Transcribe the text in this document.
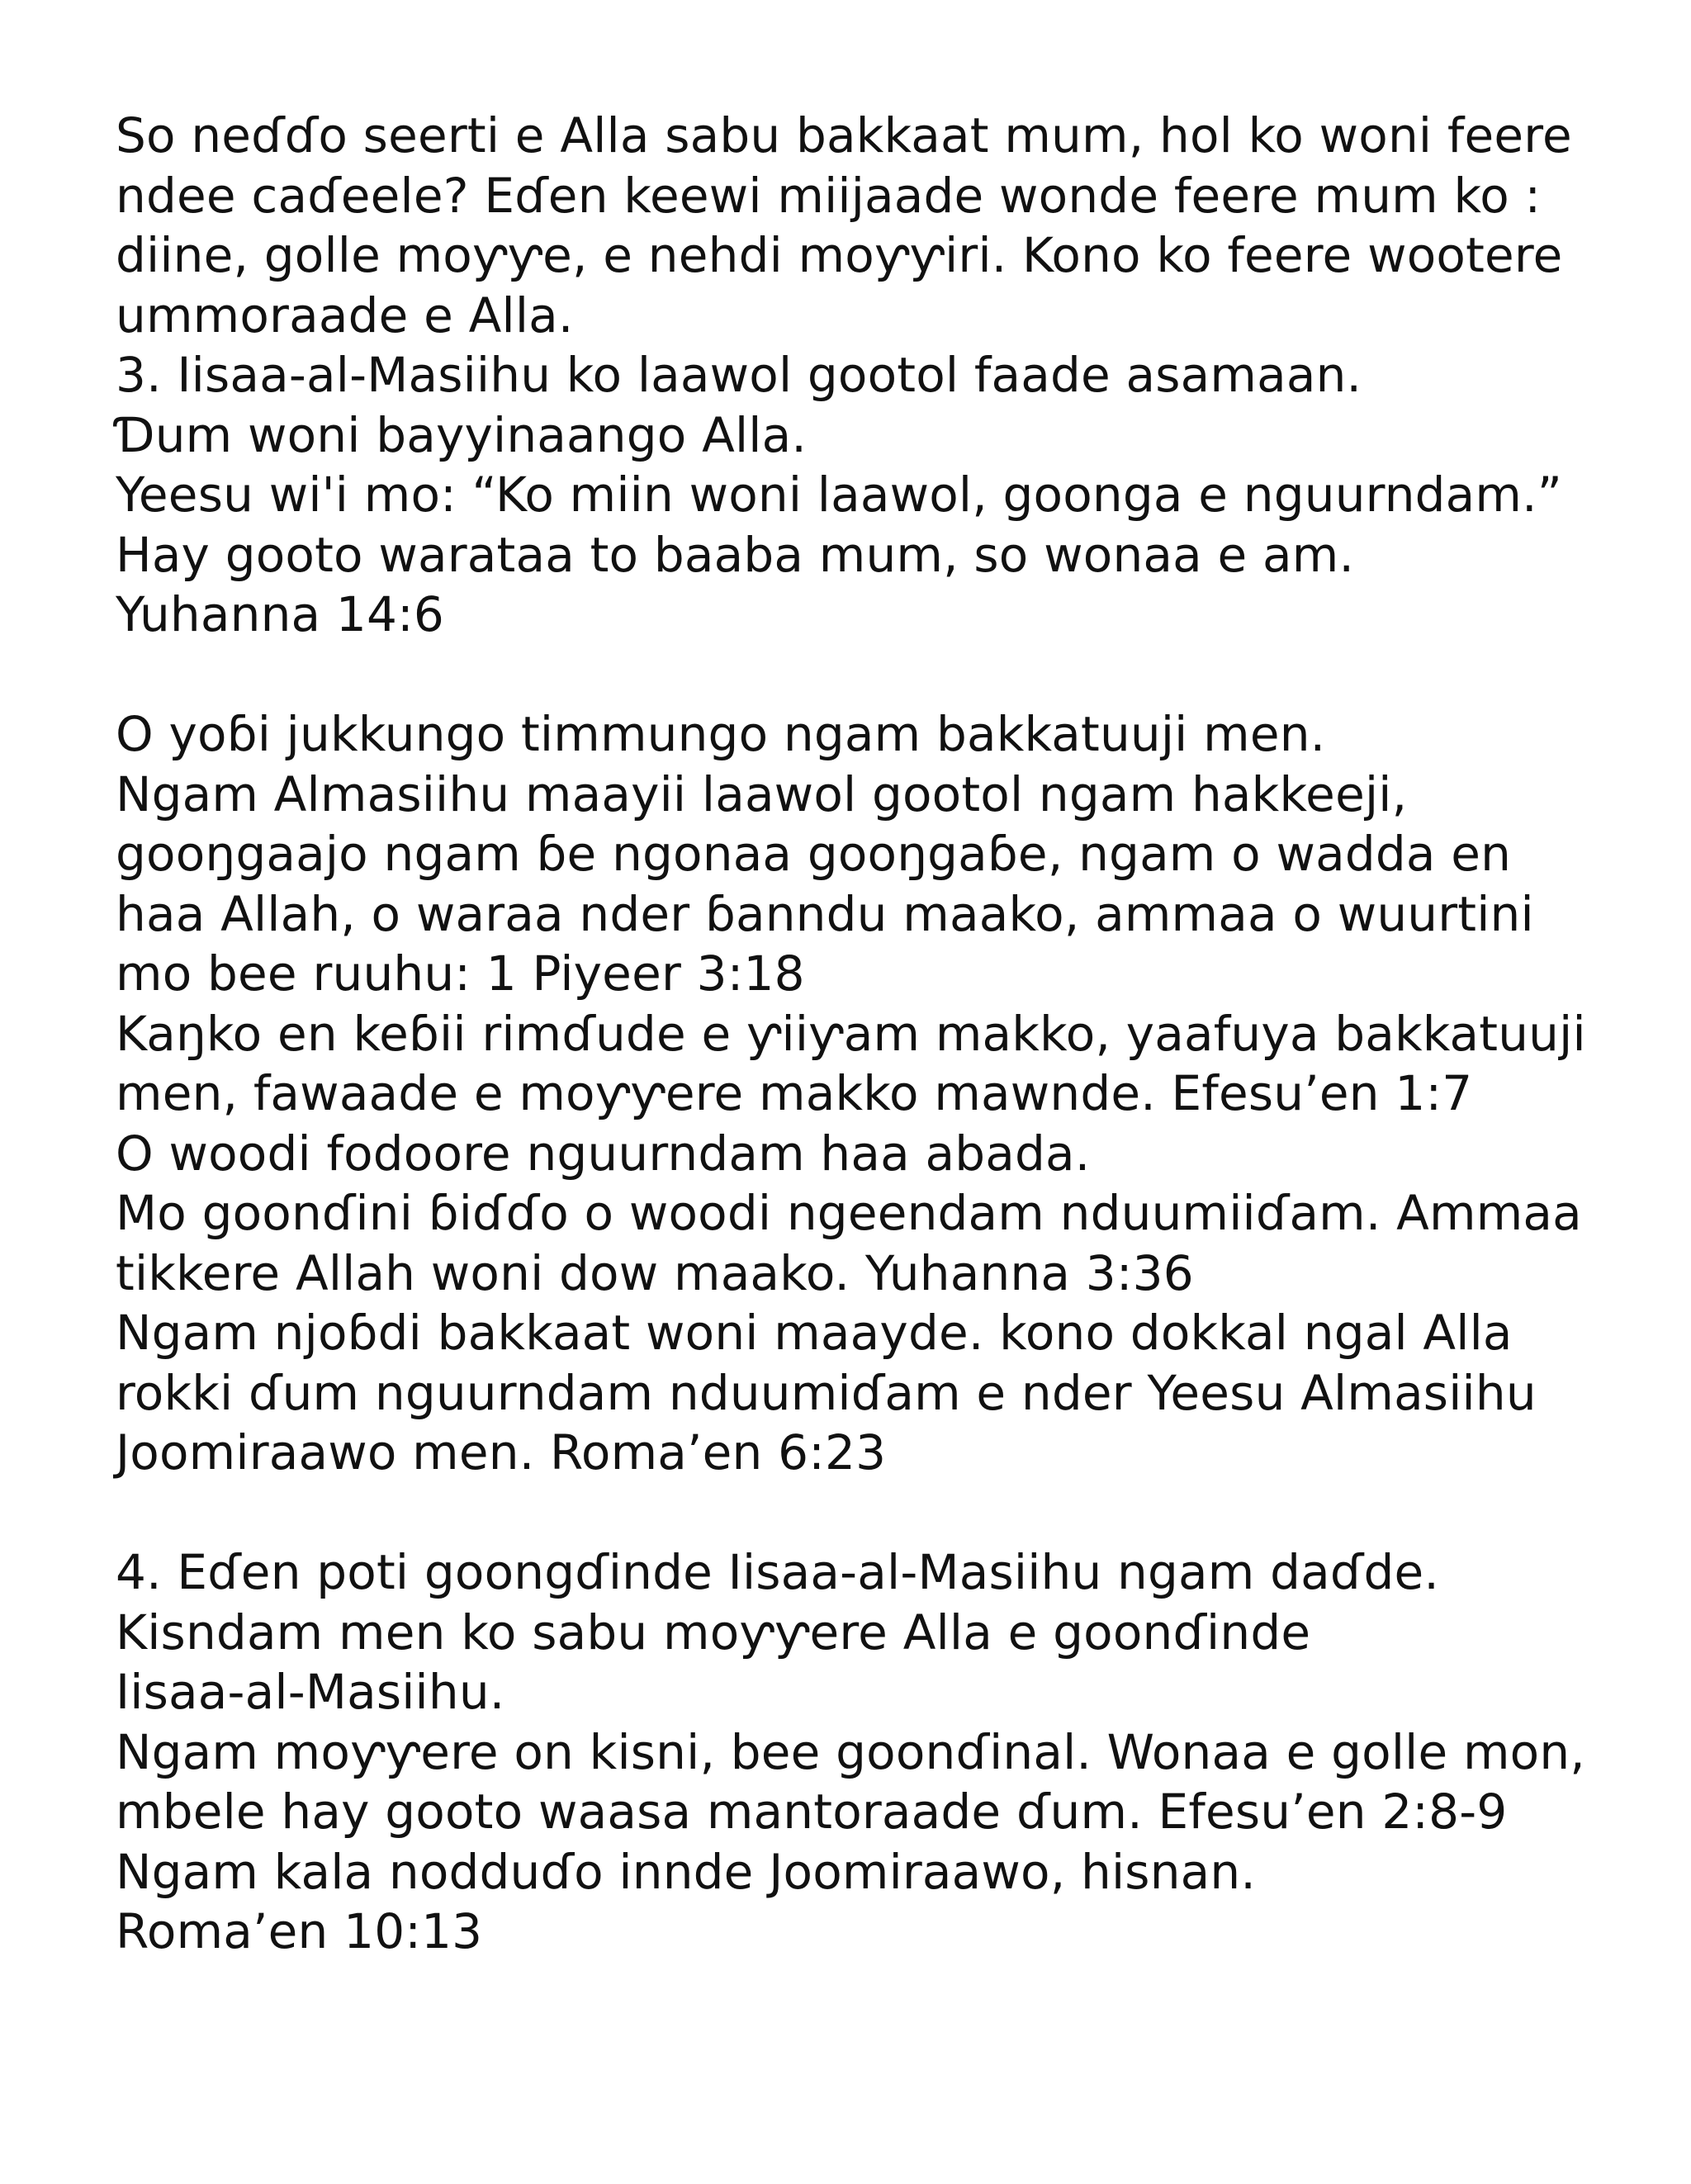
So neɗɗo seerti e Alla sabu bakkaat mum, hol ko woni feere
ndee caɗeele? Eɗen keewi miijaade wonde feere mum ko :
diine, golle moƴƴe, e nehdi moƴƴiri. Kono ko feere wootere
ummoraade e Alla.
3. Iisaa-al-Masiihu ko laawol gootol faade asamaan.
Ɗum woni bayyinaango Alla.
Yeesu wi'i mo: “Ko miin woni laawol, goonga e nguurndam.”
Hay gooto warataa to baaba mum, so wonaa e am.
Yuhanna 14:6
O yoɓi jukkungo timmungo ngam bakkatuuji men.
Ngam Almasiihu maayii laawol gootol ngam hakkeeji,
gooŋgaajo ngam ɓe ngonaa gooŋgaɓe, ngam o wadda en
haa Allah, o waraa nder ɓanndu maako, ammaa o wuurtini
mo bee ruuhu: 1 Piyeer 3:18
Kaŋko en keɓii rimɗude e ƴiiƴam makko, yaafuya bakkatuuji
men, fawaade e moƴƴere makko mawnde. Efesu’en 1:7
O woodi fodoore nguurndam haa abada.
Mo goonɗini ɓiɗɗo o woodi ngeendam nduumiiɗam. Ammaa
tikkere Allah woni dow maako. Yuhanna 3:36
Ngam njoɓdi bakkaat woni maayde. kono dokkal ngal Alla
rokki ɗum nguurndam nduumiɗam e nder Yeesu Almasiihu
Joomiraawo men. Roma’en 6:23
4. Eɗen poti goongɗinde Iisaa-al-Masiihu ngam daɗde.
Kisndam men ko sabu moƴƴere Alla e goonɗinde
Iisaa-al-Masiihu.
Ngam moƴƴere on kisni, bee goonɗinal. Wonaa e golle mon,
mbele hay gooto waasa mantoraade ɗum. Efesu’en 2:8-9
Ngam kala nodduɗo innde Joomiraawo, hisnan.
Roma’en 10:13
